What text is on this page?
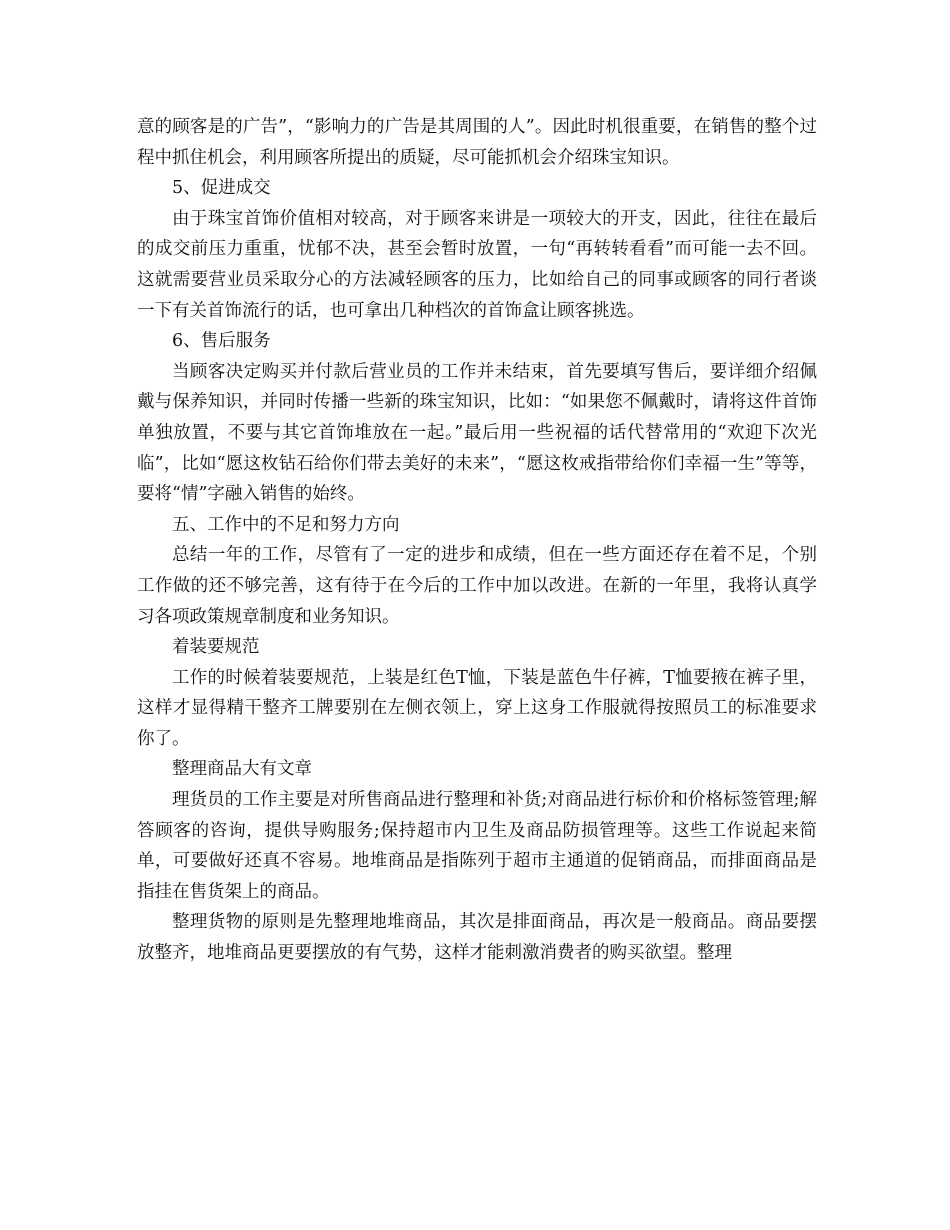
意的顾客是的广告”，“影响力的广告是其周围的人”。因此时机很重要，在销售的整个过程中抓住机会，利用顾客所提出的质疑，尽可能抓机会介绍珠宝知识。

5、促进成交

由于珠宝首饰价值相对较高，对于顾客来讲是一项较大的开支，因此，往往在最后的成交前压力重重，忧郁不决，甚至会暂时放置，一句“再转转看看”而可能一去不回。这就需要营业员采取分心的方法减轻顾客的压力，比如给自己的同事或顾客的同行者谈一下有关首饰流行的话，也可拿出几种档次的首饰盒让顾客挑选。

6、售后服务

当顾客决定购买并付款后营业员的工作并未结束，首先要填写售后，要详细介绍佩戴与保养知识，并同时传播一些新的珠宝知识，比如：“如果您不佩戴时，请将这件首饰单独放置，不要与其它首饰堆放在一起。”最后用一些祝福的话代替常用的“欢迎下次光临”，比如“愿这枚钻石给你们带去美好的未来”，“愿这枚戒指带给你们幸福一生”等等，要将“情”字融入销售的始终。

五、工作中的不足和努力方向

总结一年的工作，尽管有了一定的进步和成绩，但在一些方面还存在着不足，个别工作做的还不够完善，这有待于在今后的工作中加以改进。在新的一年里，我将认真学习各项政策规章制度和业务知识。

着装要规范

工作的时候着装要规范，上装是红色T恤，下装是蓝色牛仔裤，T恤要掖在裤子里，这样才显得精干整齐工牌要别在左侧衣领上，穿上这身工作服就得按照员工的标准要求你了。

整理商品大有文章

理货员的工作主要是对所售商品进行整理和补货;对商品进行标价和价格标签管理;解答顾客的咨询，提供导购服务;保持超市内卫生及商品防损管理等。这些工作说起来简单，可要做好还真不容易。地堆商品是指陈列于超市主通道的促销商品，而排面商品是指挂在售货架上的商品。

整理货物的原则是先整理地堆商品，其次是排面商品，再次是一般商品。商品要摆放整齐，地堆商品更要摆放的有气势，这样才能刺激消费者的购买欲望。整理
